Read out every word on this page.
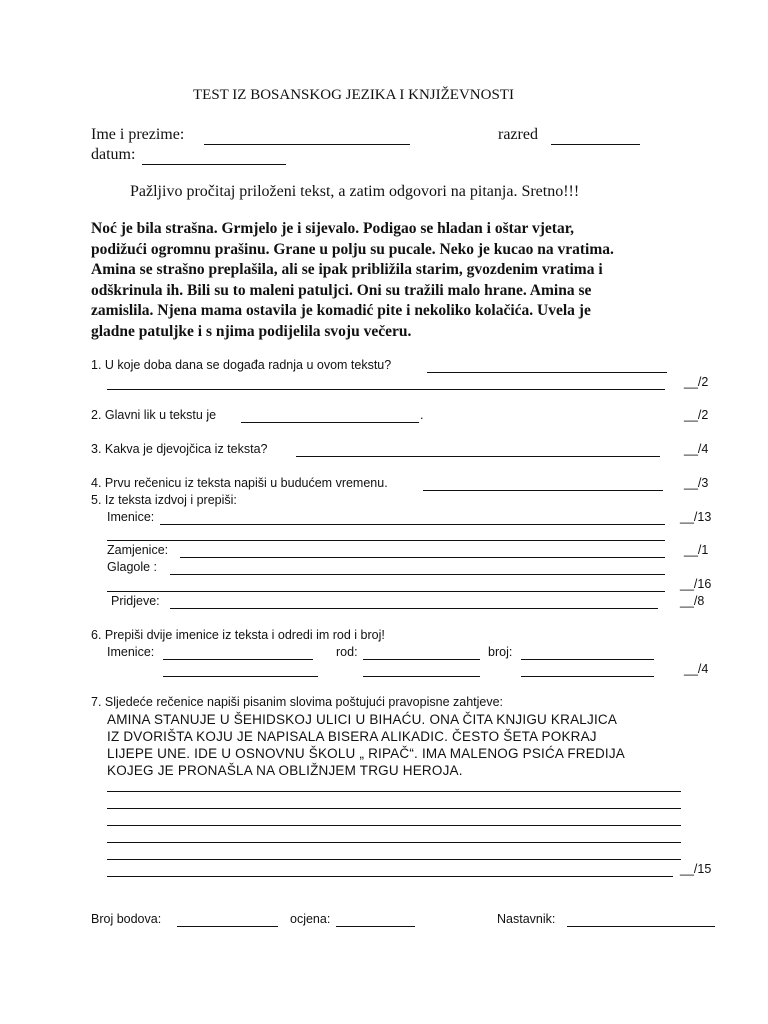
TEST IZ BOSANSKOG JEZIKA I KNJIŽEVNOSTI
Ime i prezime:	razred
datum:
Pažljivo pročitaj priloženi tekst, a zatim odgovori na pitanja. Sretno!!!
Noć je bila strašna. Grmjelo je i sijevalo. Podigao se hladan i oštar vjetar,
podižući ogromnu prašinu. Grane u polju su pucale. Neko je kucao na vratima.
Amina se strašno preplašila, ali se ipak približila starim, gvozdenim vratima i
odškrinula ih. Bili su to maleni patuljci. Oni su tražili malo hrane. Amina se
zamislila. Njena mama ostavila je komadić pite i nekoliko kolačića. Uvela je
gladne patuljke i s njima podijelila svoju večeru.
1. U koje doba dana se događa radnja u ovom tekstu?
__/2
2. Glavni lik u tekstu je	.	__/2
3. Kakva je djevojčica iz teksta?	__/4
4. Prvu rečenicu iz teksta napiši u budućem vremenu.	__/3
5. Iz teksta izdvoj i prepiši:
Imenice:	__/13
Zamjenice:	__/1
Glagole :
__/16
Pridjeve:	__/8
6. Prepiši dvije imenice iz teksta i odredi im rod i broj!
Imenice:	rod:	broj:
__/4
7. Sljedeće rečenice napiši pisanim slovima poštujući pravopisne zahtjeve:
AMINA STANUJE U ŠEHIDSKOJ ULICI U BIHAĆU. ONA ČITA KNJIGU KRALJICA
IZ DVORIŠTA KOJU JE NAPISALA BISERA ALIKADIC. ČESTO ŠETA POKRAJ
LIJEPE UNE. IDE U OSNOVNU ŠKOLU „ RIPAČ“. IMA MALENOG PSIĆA FREDIJA
KOJEG JE PRONAŠLA NA OBLIŽNJEM TRGU HEROJA.
__/15
Broj bodova:	ocjena:	Nastavnik:
